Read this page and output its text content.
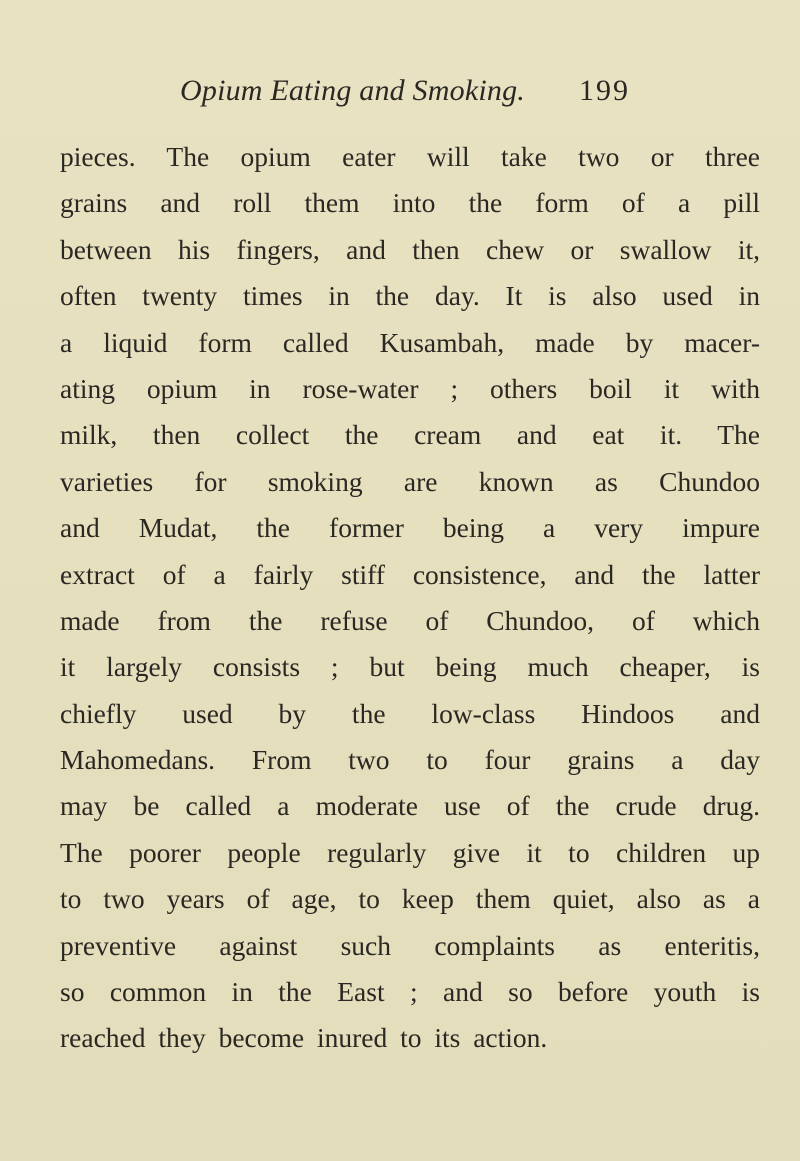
Opium Eating and Smoking. 199
pieces. The opium eater will take two or three
grains and roll them into the form of a pill
between his fingers, and then chew or swallow it,
often twenty times in the day. It is also used in
a liquid form called Kusambah, made by macer-
ating opium in rose-water ; others boil it with
milk, then collect the cream and eat it. The
varieties for smoking are known as Chundoo
and Mudat, the former being a very impure
extract of a fairly stiff consistence, and the latter
made from the refuse of Chundoo, of which
it largely consists ; but being much cheaper, is
chiefly used by the low-class Hindoos and
Mahomedans. From two to four grains a day
may be called a moderate use of the crude drug.
The poorer people regularly give it to children up
to two years of age, to keep them quiet, also as a
preventive against such complaints as enteritis,
so common in the East ; and so before youth is
reached they become inured to its action.
